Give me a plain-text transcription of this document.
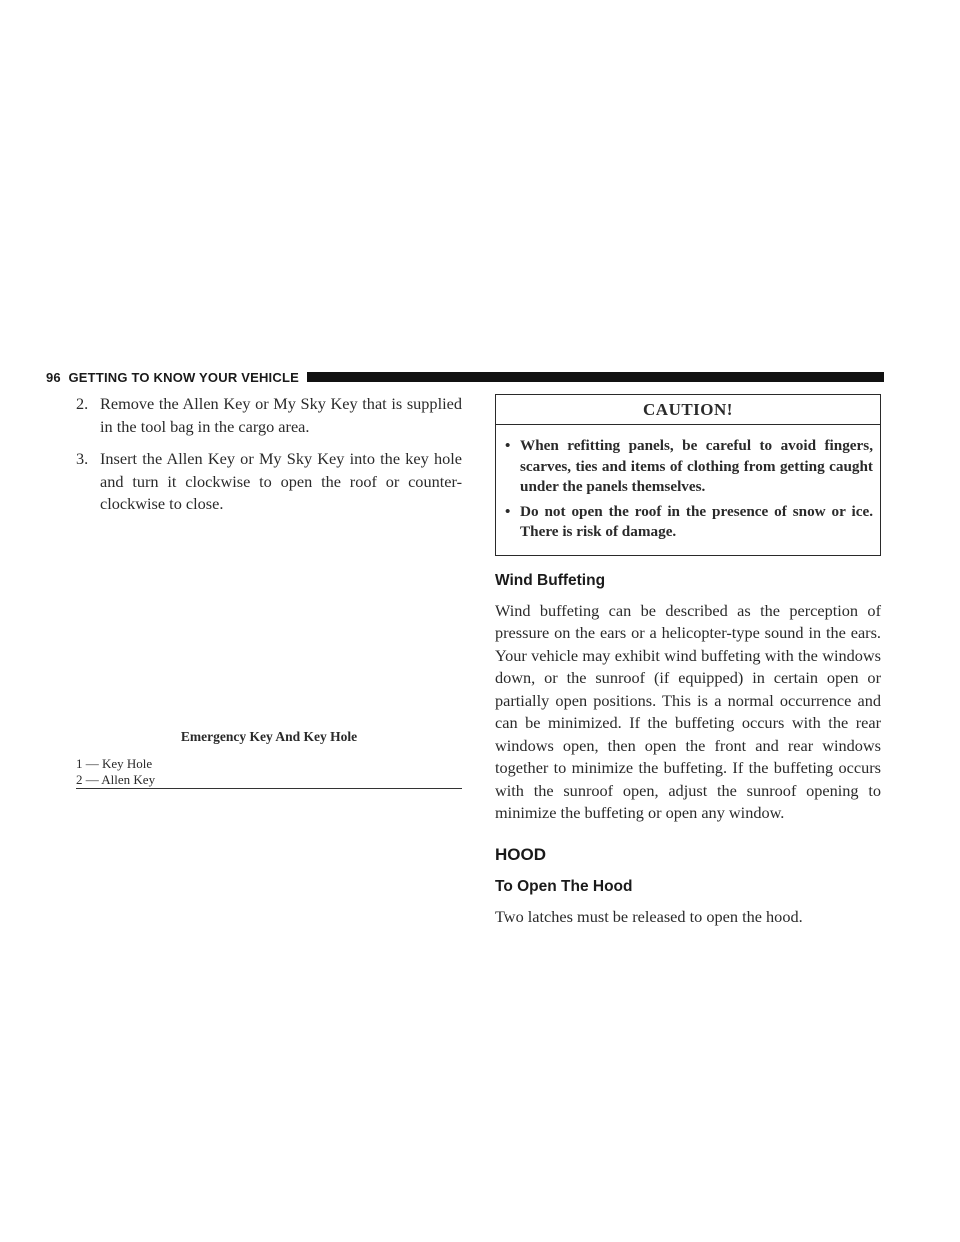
96 GETTING TO KNOW YOUR VEHICLE
2. Remove the Allen Key or My Sky Key that is supplied in the tool bag in the cargo area.
3. Insert the Allen Key or My Sky Key into the key hole and turn it clockwise to open the roof or counter-clockwise to close.
Emergency Key And Key Hole
1 — Key Hole
2 — Allen Key
CAUTION!
• When refitting panels, be careful to avoid fingers, scarves, ties and items of clothing from getting caught under the panels themselves.
• Do not open the roof in the presence of snow or ice. There is risk of damage.
Wind Buffeting

Wind buffeting can be described as the perception of pressure on the ears or a helicopter-type sound in the ears. Your vehicle may exhibit wind buffeting with the windows down, or the sunroof (if equipped) in certain open or partially open positions. This is a normal occurrence and can be minimized. If the buffeting occurs with the rear windows open, then open the front and rear windows together to minimize the buffeting. If the buffeting occurs with the sunroof open, adjust the sunroof opening to minimize the buffeting or open any window.

HOOD
To Open The Hood

Two latches must be released to open the hood.
